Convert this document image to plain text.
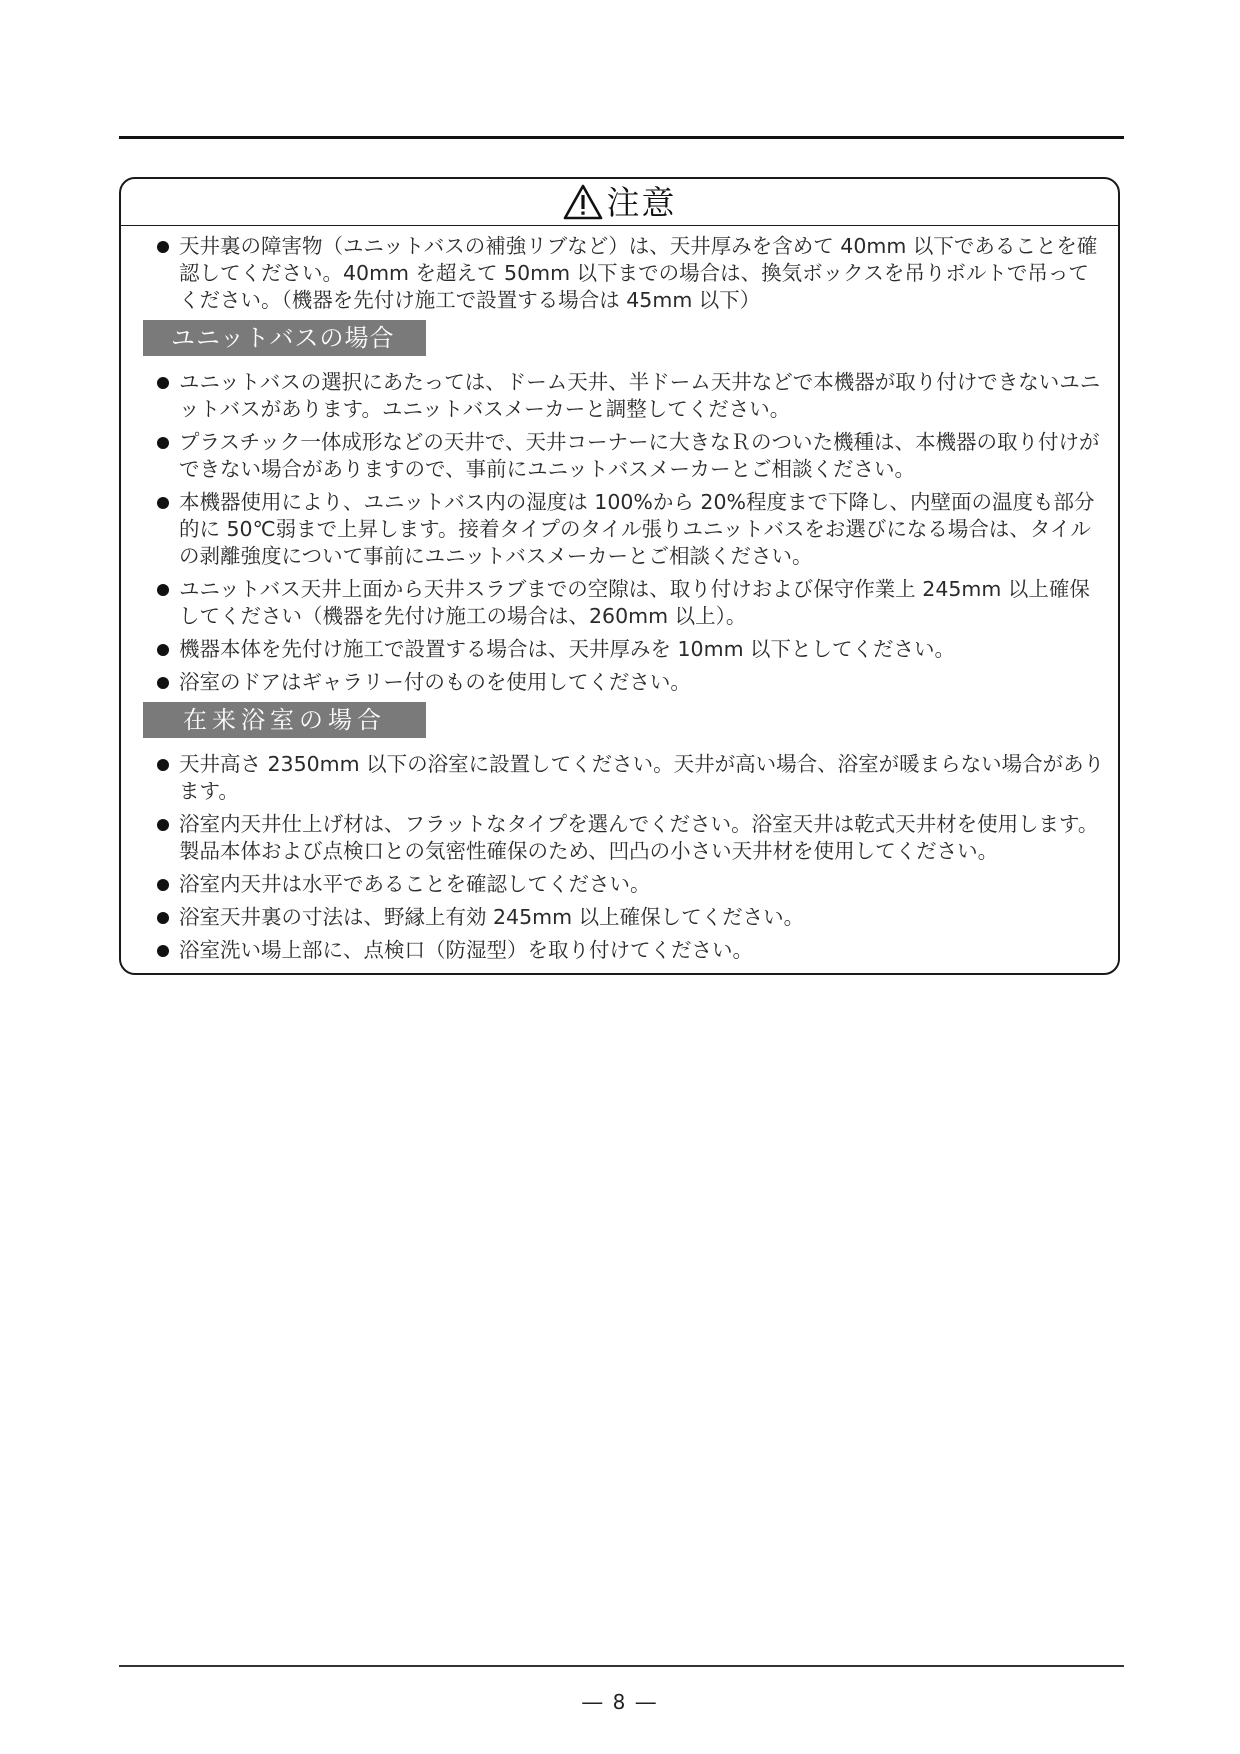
注意
天井裏の障害物（ユニットバスの補強リブなど）は、天井厚みを含めて 40mm 以下であることを確認してください。40mm を超えて 50mm 以下までの場合は、換気ボックスを吊りボルトで吊ってください。（機器を先付け施工で設置する場合は 45mm 以下）
ユニットバスの場合
ユニットバスの選択にあたっては、ドーム天井、半ドーム天井などで本機器が取り付けできないユニットバスがあります。ユニットバスメーカーと調整してください。
プラスチック一体成形などの天井で、天井コーナーに大きなＲのついた機種は、本機器の取り付けができない場合がありますので、事前にユニットバスメーカーとご相談ください。
本機器使用により、ユニットバス内の湿度は 100%から 20%程度まで下降し、内壁面の温度も部分的に 50℃弱まで上昇します。接着タイプのタイル張りユニットバスをお選びになる場合は、タイルの剥離強度について事前にユニットバスメーカーとご相談ください。
ユニットバス天井上面から天井スラブまでの空隙は、取り付けおよび保守作業上 245mm 以上確保してください（機器を先付け施工の場合は、260mm 以上）。
機器本体を先付け施工で設置する場合は、天井厚みを 10mm 以下としてください。
浴室のドアはギャラリー付のものを使用してください。
在来浴室の場合
天井高さ 2350mm 以下の浴室に設置してください。天井が高い場合、浴室が暖まらない場合があります。
浴室内天井仕上げ材は、フラットなタイプを選んでください。浴室天井は乾式天井材を使用します。製品本体および点検口との気密性確保のため、凹凸の小さい天井材を使用してください。
浴室内天井は水平であることを確認してください。
浴室天井裏の寸法は、野縁上有効 245mm 以上確保してください。
浴室洗い場上部に、点検口（防湿型）を取り付けてください。
― 8 ―
